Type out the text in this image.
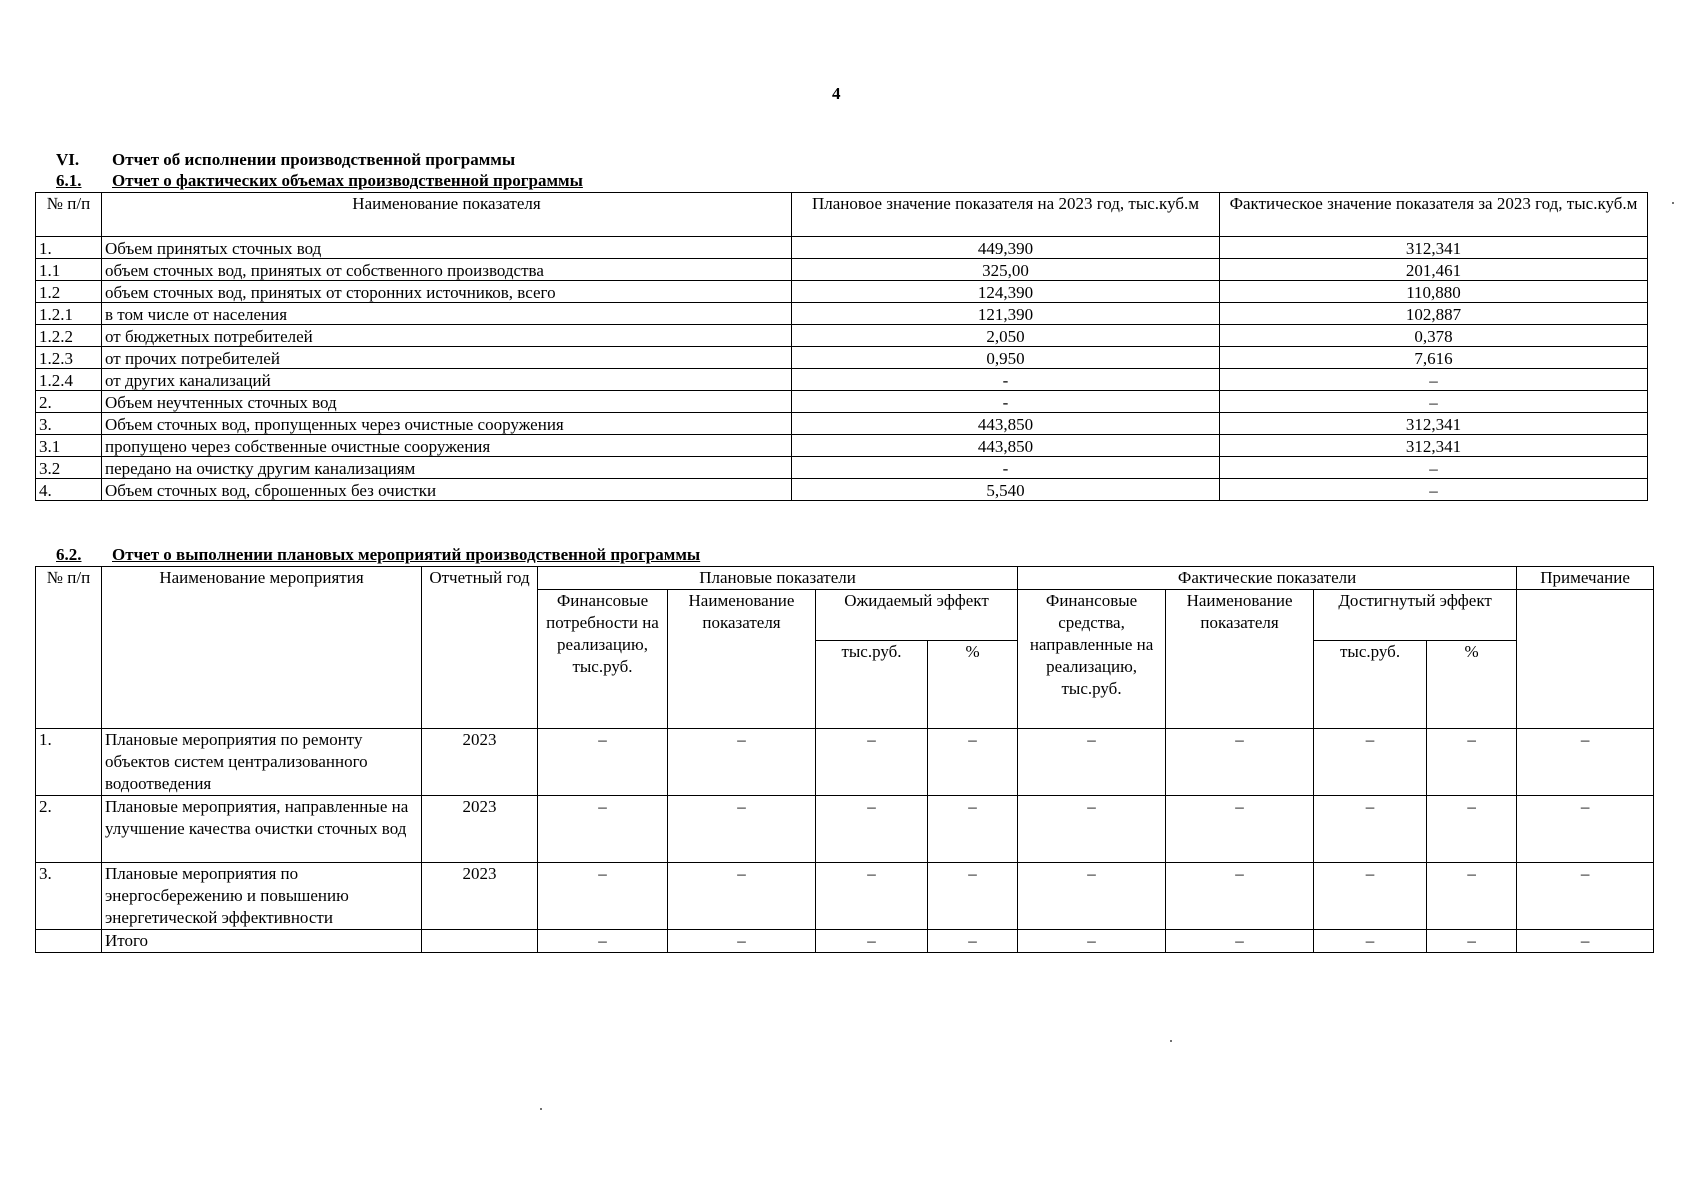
4
VI. Отчет об исполнении производственной программы
6.1. Отчет о фактических объемах производственной программы
№ п/п	Наименование показателя	Плановое значение показателя на 2023 год, тыс.куб.м	Фактическое значение показателя за 2023 год, тыс.куб.м
1.	Объем принятых сточных вод	449,390	312,341
1.1	объем сточных вод, принятых от собственного производства	325,00	201,461
1.2	объем сточных вод, принятых от сторонних источников, всего	124,390	110,880
1.2.1	в том числе от населения	121,390	102,887
1.2.2	от бюджетных потребителей	2,050	0,378
1.2.3	от прочих потребителей	0,950	7,616
1.2.4	от других канализаций	-	–
2.	Объем неучтенных сточных вод	-	–
3.	Объем сточных вод, пропущенных через очистные сооружения	443,850	312,341
3.1	пропущено через собственные очистные сооружения	443,850	312,341
3.2	передано на очистку другим канализациям	-	–
4.	Объем сточных вод, сброшенных без очистки	5,540	–
6.2. Отчет о выполнении плановых мероприятий производственной программы
№ п/п	Наименование мероприятия	Отчетный год	Плановые показатели				Фактические показатели				Примечание
			Финансовые потребности на реализацию, тыс.руб.	Наименование показателя	Ожидаемый эффект		Финансовые средства, направленные на реализацию, тыс.руб.	Наименование показателя	Достигнутый эффект		
					тыс.руб.	%			тыс.руб.	%	
1.	Плановые мероприятия по ремонту объектов систем централизованного водоотведения	2023	–	–	–	–	–	–	–	–	–
2.	Плановые мероприятия, направленные на улучшение качества очистки сточных вод	2023	–	–	–	–	–	–	–	–	–
3.	Плановые мероприятия по энергосбережению и повышению энергетической эффективности	2023	–	–	–	–	–	–	–	–	–
	Итого		–	–	–	–	–	–	–	–	–
